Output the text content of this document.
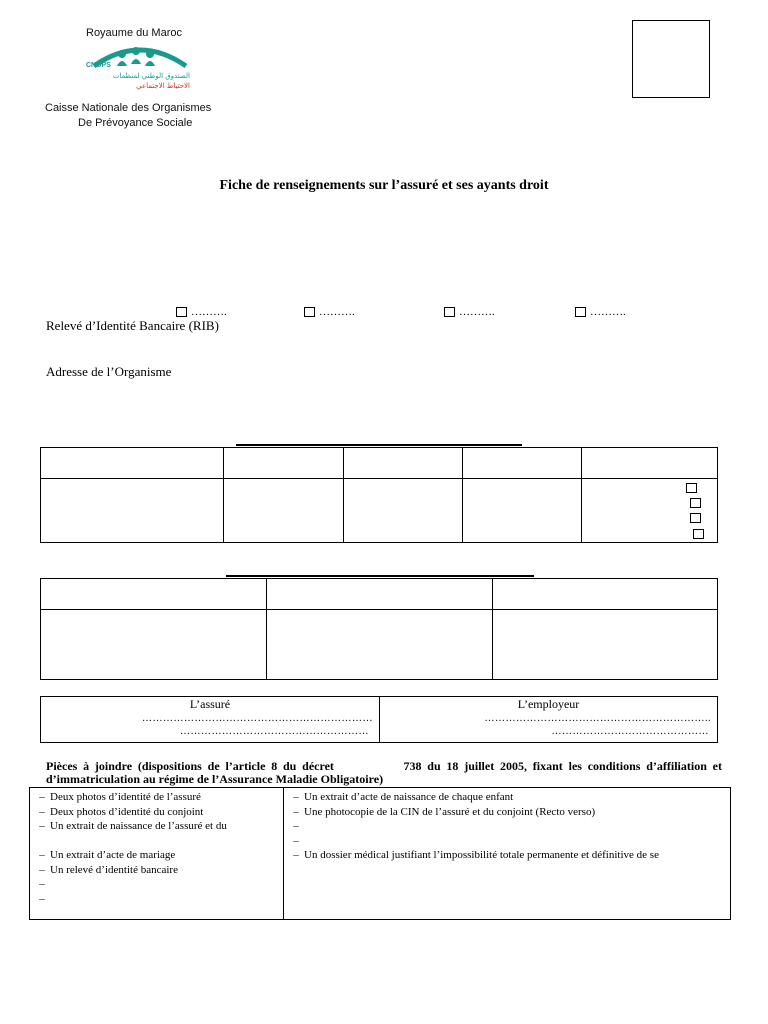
Royaume du Maroc
CNOPS
الصندوق الوطني لمنظمات
الاحتياط الاجتماعي
Caisse Nationale des Organismes
De Prévoyance Sociale
Fiche de renseignements sur l’assuré et ses ayants droit
……….	……….	……….	……….
Relevé d’Identité Bancaire (RIB)
Adresse de l’Organisme

L’assuré
…………………………………………………………
………………………………………………

L’employeur
………………………………………………………..
………………………………………
Pièces à joindre (dispositions de l’article 8 du décret            738 du 18 juillet 2005, fixant les conditions d’affiliation et d’immatriculation au régime de l’Assurance Maladie Obligatoire)
– Deux photos d’identité de l’assuré
– Deux photos d’identité du conjoint
– Un extrait de naissance de l’assuré et du
– Un extrait d’acte de mariage
– Un relevé d’identité bancaire
–
–
– Un extrait d’acte de naissance de chaque enfant
– Une photocopie de la CIN de l’assuré et du conjoint (Recto verso)
–
–
– Un dossier médical justifiant l’impossibilité totale permanente et définitive de se
